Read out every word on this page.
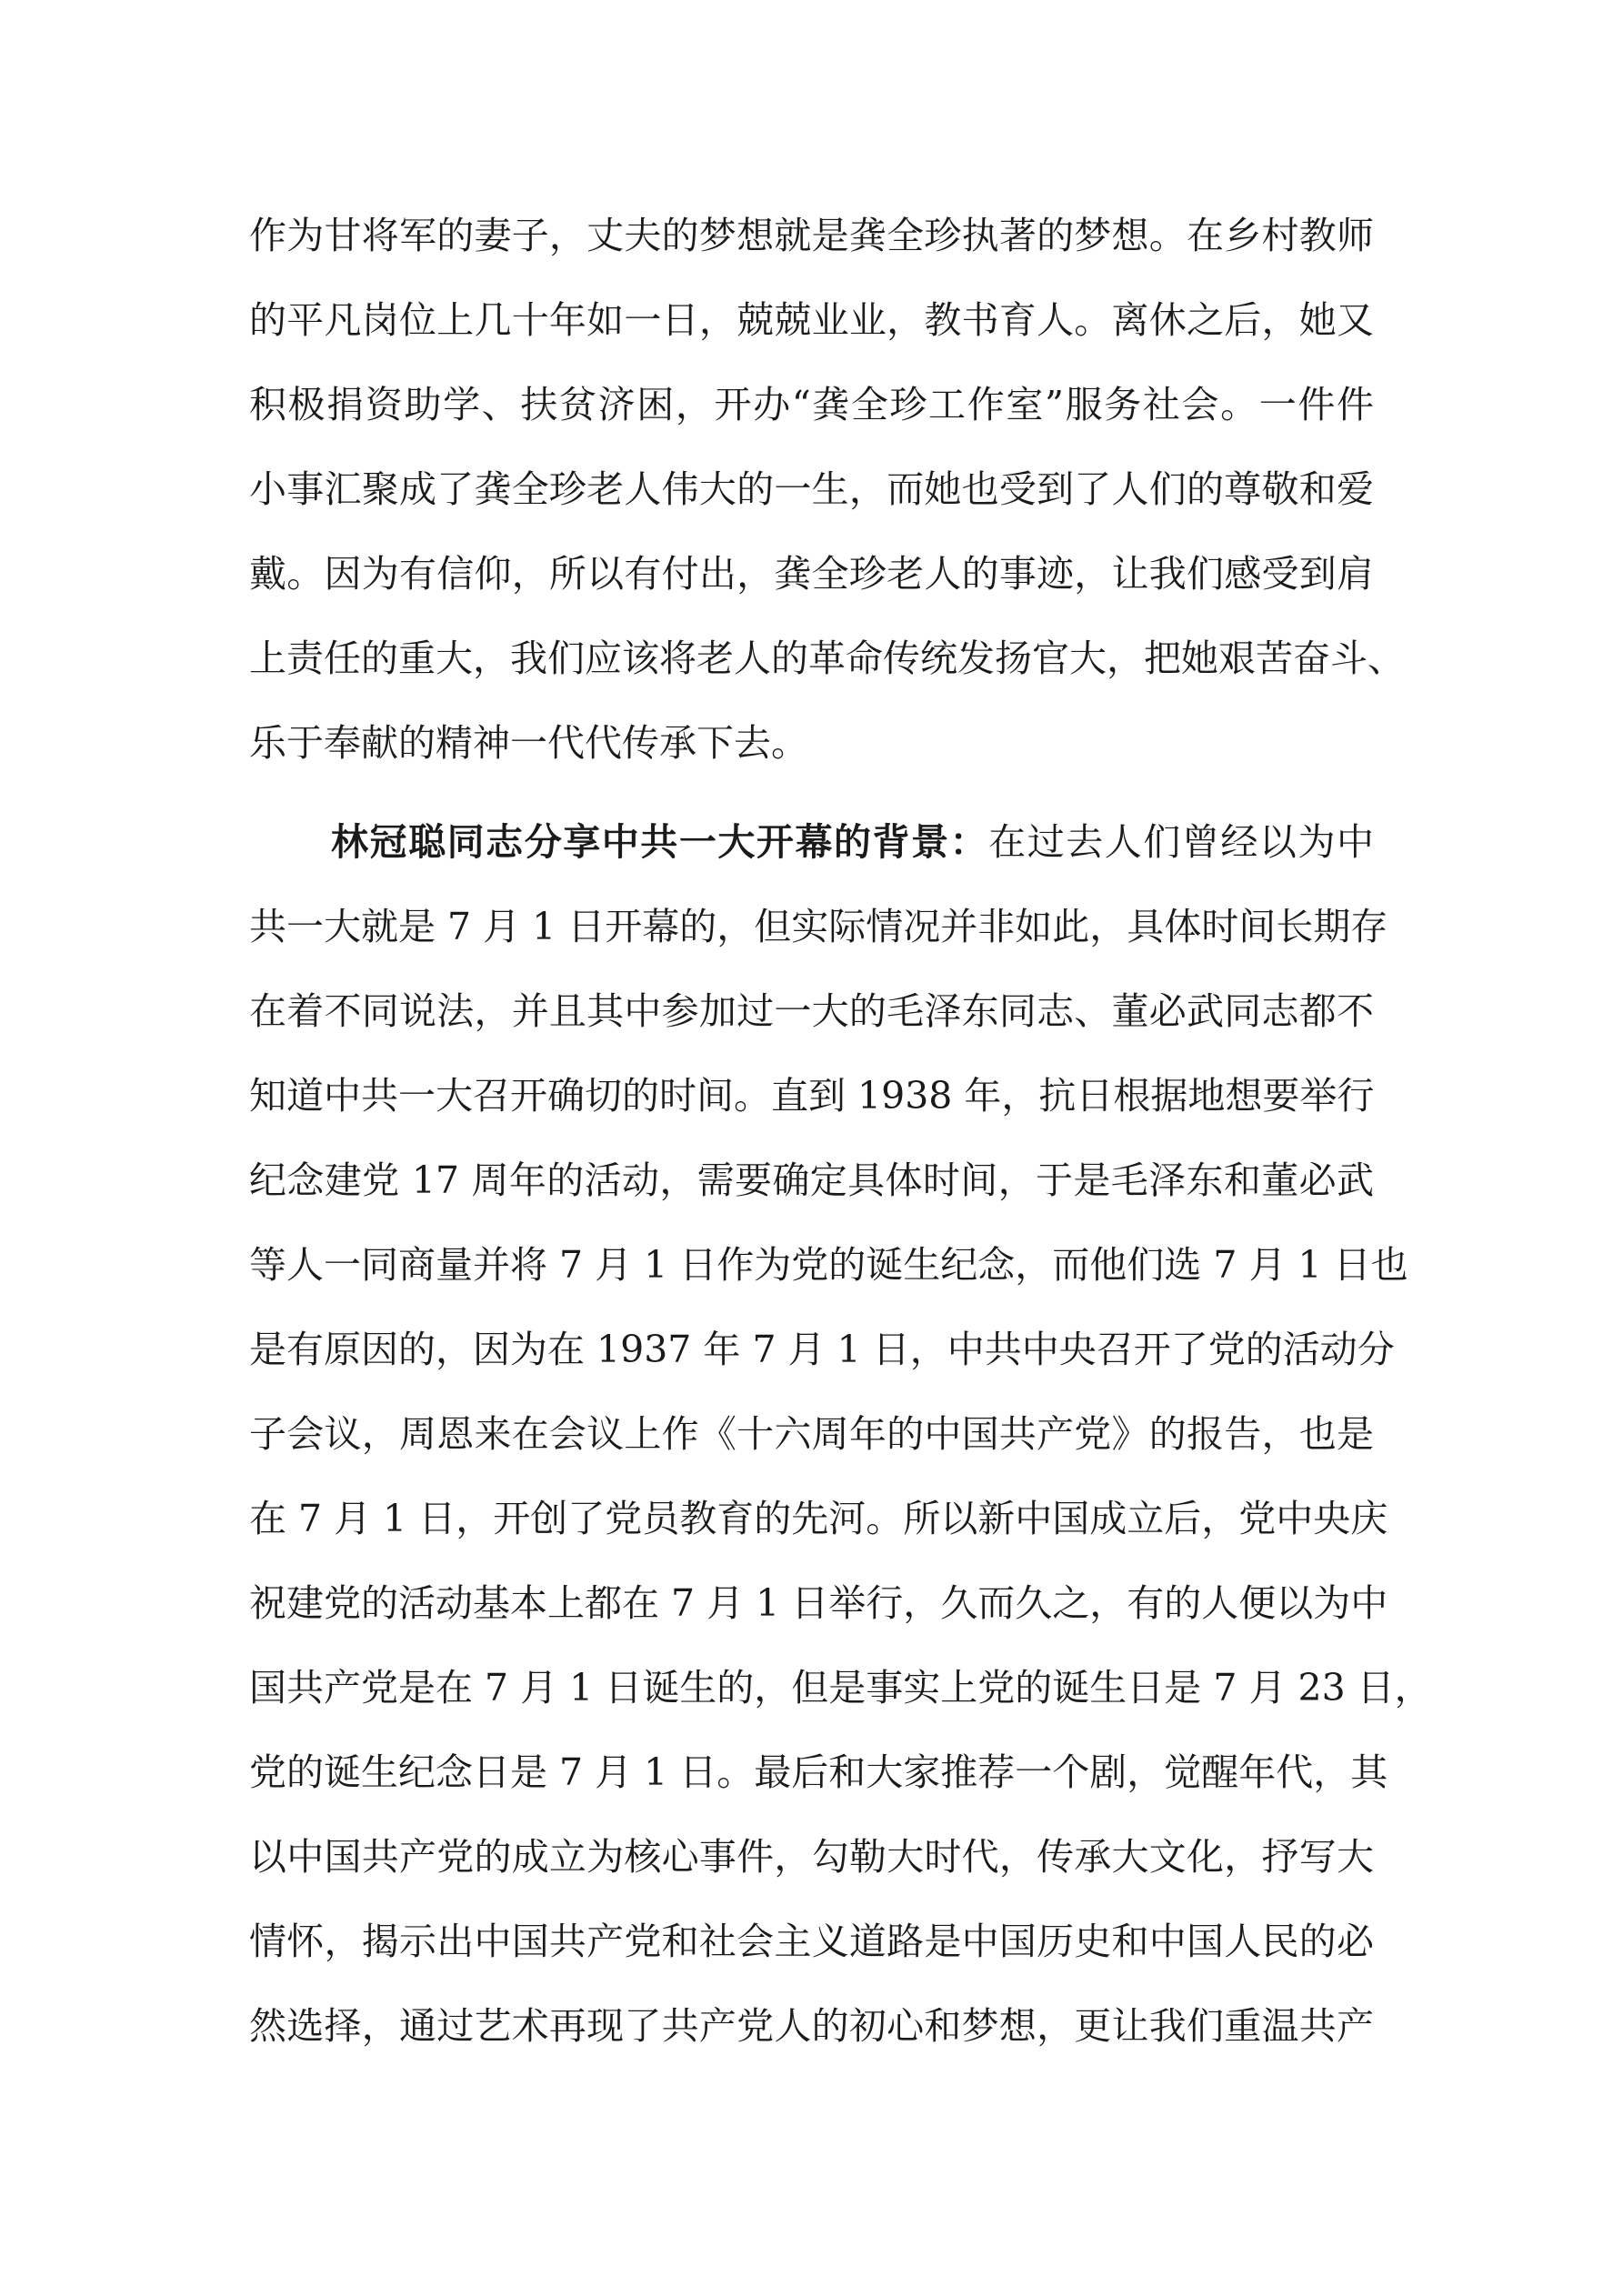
作为甘将军的妻子，丈夫的梦想就是龚全珍执著的梦想。在乡村教师
的平凡岗位上几十年如一日，兢兢业业，教书育人。离休之后，她又
积极捐资助学、扶贫济困，开办“龚全珍工作室”服务社会。一件件
小事汇聚成了龚全珍老人伟大的一生，而她也受到了人们的尊敬和爱
戴。因为有信仰，所以有付出，龚全珍老人的事迹，让我们感受到肩
上责任的重大，我们应该将老人的革命传统发扬官大，把她艰苦奋斗、
乐于奉献的精神一代代传承下去。
林冠聪同志分享中共一大开幕的背景：在过去人们曾经以为中
共一大就是 7 月 1 日开幕的，但实际情况并非如此，具体时间长期存
在着不同说法，并且其中参加过一大的毛泽东同志、董必武同志都不
知道中共一大召开确切的时间。直到 1938 年，抗日根据地想要举行
纪念建党 17 周年的活动，需要确定具体时间，于是毛泽东和董必武
等人一同商量并将 7 月 1 日作为党的诞生纪念，而他们选 7 月 1 日也
是有原因的，因为在 1937 年 7 月 1 日，中共中央召开了党的活动分
子会议，周恩来在会议上作《十六周年的中国共产党》的报告，也是
在 7 月 1 日，开创了党员教育的先河。所以新中国成立后，党中央庆
祝建党的活动基本上都在 7 月 1 日举行，久而久之，有的人便以为中
国共产党是在 7 月 1 日诞生的，但是事实上党的诞生日是 7 月 23 日，
党的诞生纪念日是 7 月 1 日。最后和大家推荐一个剧，觉醒年代，其
以中国共产党的成立为核心事件，勾勒大时代，传承大文化，抒写大
情怀，揭示出中国共产党和社会主义道路是中国历史和中国人民的必
然选择，通过艺术再现了共产党人的初心和梦想，更让我们重温共产
